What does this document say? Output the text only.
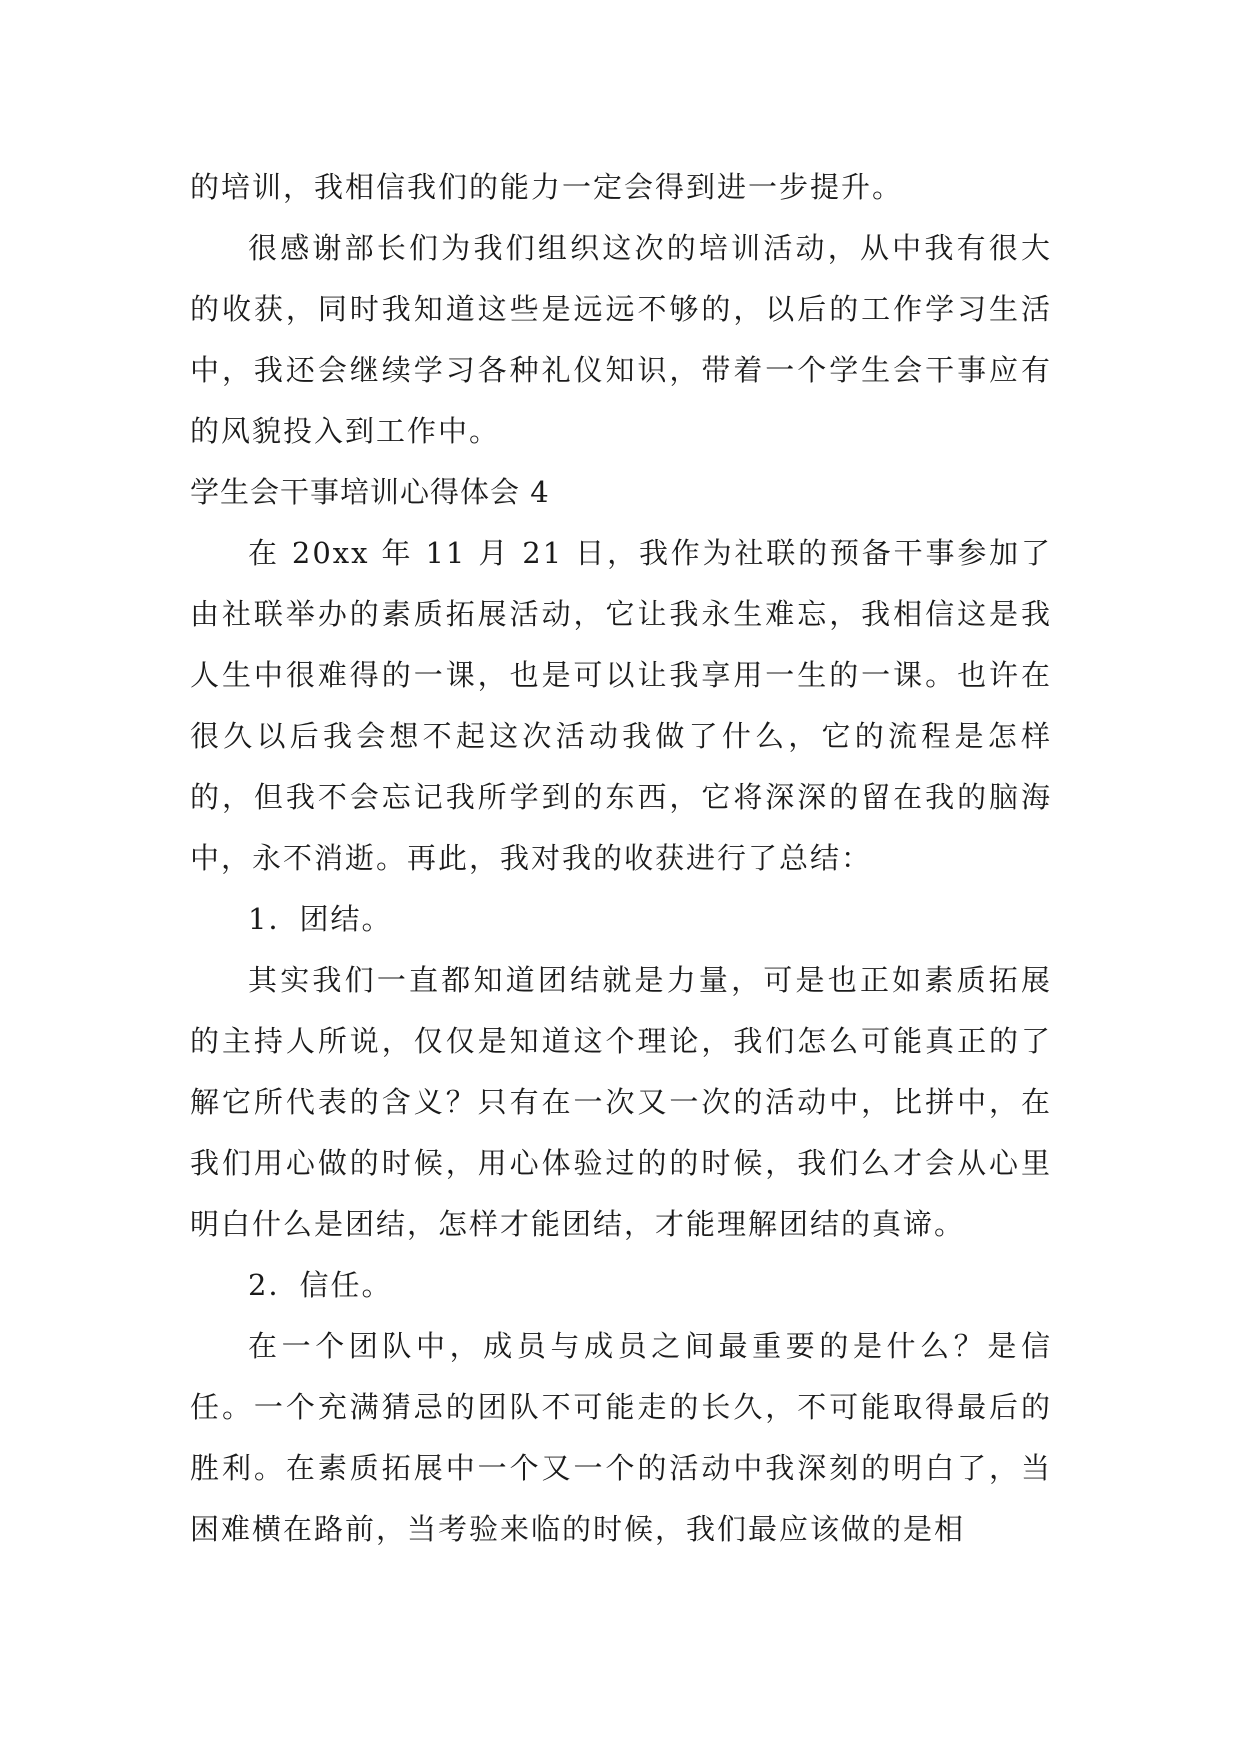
的培训，我相信我们的能力一定会得到进一步提升。

很感谢部长们为我们组织这次的培训活动，从中我有很大的收获，同时我知道这些是远远不够的，以后的工作学习生活中，我还会继续学习各种礼仪知识，带着一个学生会干事应有的风貌投入到工作中。

学生会干事培训心得体会 4

在 20xx 年 11 月 21 日，我作为社联的预备干事参加了由社联举办的素质拓展活动，它让我永生难忘，我相信这是我人生中很难得的一课，也是可以让我享用一生的一课。也许在很久以后我会想不起这次活动我做了什么，它的流程是怎样的，但我不会忘记我所学到的东西，它将深深的留在我的脑海中，永不消逝。再此，我对我的收获进行了总结：

1．团结。

其实我们一直都知道团结就是力量，可是也正如素质拓展的主持人所说，仅仅是知道这个理论，我们怎么可能真正的了解它所代表的含义？只有在一次又一次的活动中，比拼中，在我们用心做的时候，用心体验过的的时候，我们么才会从心里明白什么是团结，怎样才能团结，才能理解团结的真谛。

2．信任。

在一个团队中，成员与成员之间最重要的是什么？是信任。一个充满猜忌的团队不可能走的长久，不可能取得最后的胜利。在素质拓展中一个又一个的活动中我深刻的明白了，当困难横在路前，当考验来临的时候，我们最应该做的是相
